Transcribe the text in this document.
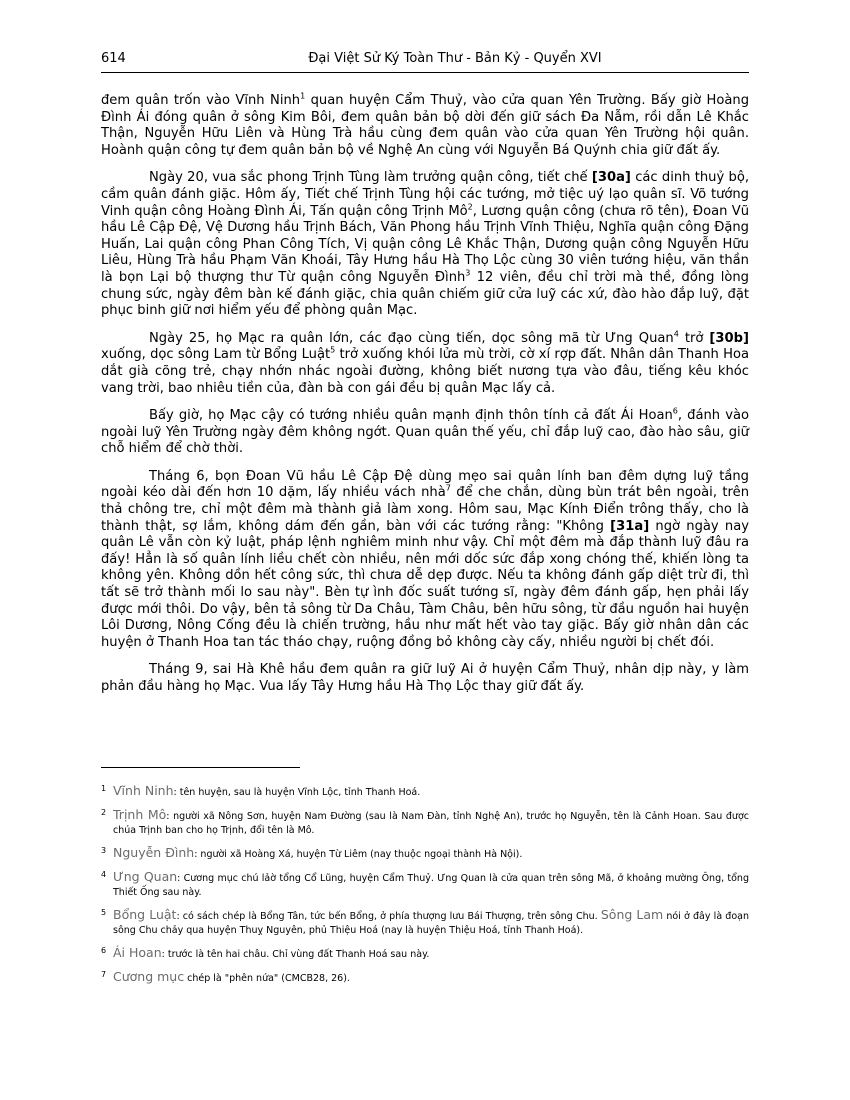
614	Đại Việt Sử Ký Toàn Thư - Bản Kỷ - Quyển XVI

đem quân trốn vào Vĩnh Ninh$^1$ quan huyện Cẩm Thuỷ, vào cửa quan Yên Trường. Bấy giờ Hoàng Đình Ái đóng quân ở sông Kim Bôi, đem quân bản bộ dời đến giữ sách Đa Nẫm, rồi dẫn Lê Khắc Thận, Nguyễn Hữu Liên và Hùng Trà hầu cùng đem quân vào cửa quan Yên Trường hội quân. Hoành quận công tự đem quân bản bộ về Nghệ An cùng với Nguyễn Bá Quýnh chia giữ đất ấy.

Ngày 20, vua sắc phong Trịnh Tùng làm trưởng quận công, tiết chế [30a] các dinh thuỷ bộ, cầm quân đánh giặc. Hôm ấy, Tiết chế Trịnh Tùng hội các tướng, mở tiệc uý lạo quân sĩ. Võ tướng Vinh quận công Hoàng Đình Ái, Tấn quận công Trịnh $Mô^2$, Lương quận công (chưa rõ tên), Đoan Vũ hầu Lê Cập Đệ, Vệ Dương hầu Trịnh Bách, Văn Phong hầu Trịnh Vĩnh Thiệu, Nghĩa quận công Đặng Huấn, Lai quận công Phan Công Tích, Vị quận công Lê Khắc Thận, Dương quận công Nguyễn Hữu Liêu, Hùng Trà hầu Phạm Văn Khoái, Tây Hưng hầu Hà Thọ Lộc cùng 30 viên tướng hiệu, văn thần là bọn Lại bộ thượng thư Từ quận công Nguyễn Đình$^3$ 12 viên, đều chỉ trời mà thề, đồng lòng chung sức, ngày đêm bàn kế đánh giặc, chia quân chiếm giữ cửa luỹ các xứ, đào hào đắp luỹ, đặt phục binh giữ nơi hiểm yếu để phòng quân Mạc.

Ngày 25, họ Mạc ra quân lớn, các đạo cùng tiến, dọc sông mã từ Ưng Quan$^4$ trở [30b] xuống, dọc sông Lam từ Bổng Luật$^5$ trở xuống khói lửa mù trời, cờ xí rợp đất. Nhân dân Thanh Hoa dắt già cõng trẻ, chạy nhớn nhác ngoài đường, không biết nương tựa vào đâu, tiếng kêu khóc vang trời, bao nhiêu tiền của, đàn bà con gái đều bị quân Mạc lấy cả.

Bấy giờ, họ Mạc cậy có tướng nhiều quân mạnh định thôn tính cả đất Ái Hoan$^6$, đánh vào ngoài luỹ Yên Trường ngày đêm không ngớt. Quan quân thế yếu, chỉ đắp luỹ cao, đào hào sâu, giữ chỗ hiểm để chờ thời.

Tháng 6, bọn Đoan Vũ hầu Lê Cập Đệ dùng mẹo sai quân lính ban đêm dựng luỹ tầng ngoài kéo dài đến hơn 10 dặm, lấy nhiều vách nhà$^7$ để che chắn, dùng bùn trát bên ngoài, trên thả chông tre, chỉ một đêm mà thành giả làm xong. Hôm sau, Mạc Kính Điển trông thấy, cho là thành thật, sợ lắm, không dám đến gần, bàn với các tướng rằng: "Không [31a] ngờ ngày nay quân Lê vẫn còn kỷ luật, pháp lệnh nghiêm minh như vậy. Chỉ một đêm mà đắp thành luỹ đâu ra đấy! Hẳn là số quân lính liều chết còn nhiều, nên mới dốc sức đắp xong chóng thế, khiến lòng ta không yên. Không dồn hết công sức, thì chưa dễ dẹp được. Nếu ta không đánh gấp diệt trừ đi, thì tất sẽ trở thành mối lo sau này". Bèn tự ình đốc suất tướng sĩ, ngày đêm đánh gấp, hẹn phải lấy được mới thôi. Do vậy, bên tả sông từ Da Châu, Tàm Châu, bên hữu sông, từ đầu nguồn hai huyện Lôi Dương, Nông Cống đều là chiến trường, hầu như mất hết vào tay giặc. Bấy giờ nhân dân các huyện ở Thanh Hoa tan tác tháo chạy, ruộng đồng bỏ không cày cấy, nhiều người bị chết đói.

Tháng 9, sai Hà Khê hầu đem quân ra giữ luỹ Ai ở huyện Cẩm Thuỷ, nhân dịp này, y làm phản đầu hàng họ Mạc. Vua lấy Tây Hưng hầu Hà Thọ Lộc thay giữ đất ấy.

1 Vĩnh Ninh: tên huyện, sau là huyện Vĩnh Lộc, tỉnh Thanh Hoá.
2 Trịnh Mô: người xã Nông Sơn, huyện Nam Đường (sau là Nam Đàn, tỉnh Nghệ An), trước họ Nguyễn, tên là Cảnh Hoan. Sau được chúa Trịnh ban cho họ Trịnh, đổi tên là Mô.
3 Nguyễn Đình: người xã Hoàng Xá, huyện Từ Liêm (nay thuộc ngoại thành Hà Nội).
4 Ưng Quan: Cương mục chú lảờ tổng Cổ Lũng, huyện Cẩm Thuỷ. Ưng Quan là cửa quan trên sông Mã, ở khoảng mường Ông, tổng Thiết Ống sau này.
5 Bổng Luật: có sách chép là Bổng Tân, tức bến Bổng, ở phía thượng lưu Bái Thượng, trên sông Chu. Sông Lam nói ở đây là đoạn sông Chu chảy qua huyện Thuỵ Nguyên, phủ Thiệu Hoá (nay là huyện Thiệu Hoá, tỉnh Thanh Hoá).
6 Ái Hoan: trước là tên hai châu. Chỉ vùng đất Thanh Hoá sau này.
7 Cương mục chép là "phên nứa" (CMCB28, 26).
